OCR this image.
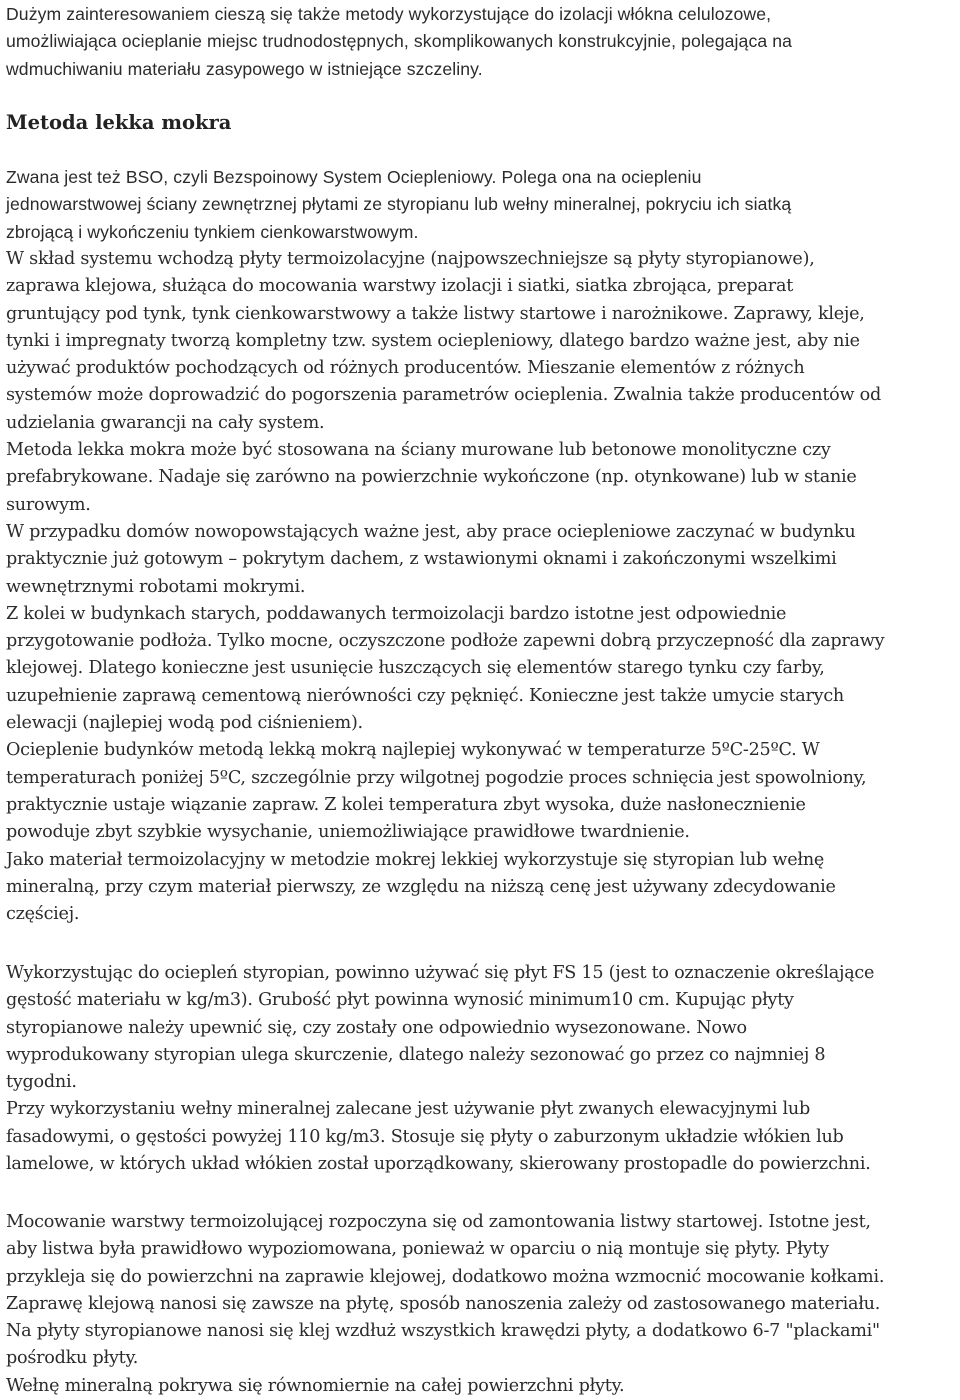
Dużym zainteresowaniem cieszą się także metody wykorzystujące do izolacji włókna celulozowe,
umożliwiająca ocieplanie miejsc trudnodostępnych, skomplikowanych konstrukcyjnie, polegająca na
wdmuchiwaniu materiału zasypowego w istniejące szczeliny.

Metoda lekka mokra

Zwana jest też BSO, czyli Bezspoinowy System Ociepleniowy. Polega ona na ociepleniu
jednowarstwowej ściany zewnętrznej płytami ze styropianu lub wełny mineralnej, pokryciu ich siatką
zbrojącą i wykończeniu tynkiem cienkowarstwowym.

W skład systemu wchodzą płyty termoizolacyjne (najpowszechniejsze są płyty styropianowe),
zaprawa klejowa, służąca do mocowania warstwy izolacji i siatki, siatka zbrojąca, preparat
gruntujący pod tynk, tynk cienkowarstwowy a także listwy startowe i narożnikowe. Zaprawy, kleje,
tynki i impregnaty tworzą kompletny tzw. system ociepleniowy, dlatego bardzo ważne jest, aby nie
używać produktów pochodzących od różnych producentów. Mieszanie elementów z różnych
systemów może doprowadzić do pogorszenia parametrów ocieplenia. Zwalnia także producentów od
udzielania gwarancji na cały system.

Metoda lekka mokra może być stosowana na ściany murowane lub betonowe monolityczne czy
prefabrykowane. Nadaje się zarówno na powierzchnie wykończone (np. otynkowane) lub w stanie
surowym.

W przypadku domów nowopowstających ważne jest, aby prace ociepleniowe zaczynać w budynku
praktycznie już gotowym – pokrytym dachem, z wstawionymi oknami i zakończonymi wszelkimi
wewnętrznymi robotami mokrymi.

Z kolei w budynkach starych, poddawanych termoizolacji bardzo istotne jest odpowiednie
przygotowanie podłoża. Tylko mocne, oczyszczone podłoże zapewni dobrą przyczepność dla zaprawy
klejowej. Dlatego konieczne jest usunięcie łuszczących się elementów starego tynku czy farby,
uzupełnienie zaprawą cementową nierówności czy pęknięć. Konieczne jest także umycie starych
elewacji (najlepiej wodą pod ciśnieniem).

Ocieplenie budynków metodą lekką mokrą najlepiej wykonywać w temperaturze 5ºC-25ºC. W
temperaturach poniżej 5ºC, szczególnie przy wilgotnej pogodzie proces schnięcia jest spowolniony,
praktycznie ustaje wiązanie zapraw. Z kolei temperatura zbyt wysoka, duże nasłonecznienie
powoduje zbyt szybkie wysychanie, uniemożliwiające prawidłowe twardnienie.

Jako materiał termoizolacyjny w metodzie mokrej lekkiej wykorzystuje się styropian lub wełnę
mineralną, przy czym materiał pierwszy, ze względu na niższą cenę jest używany zdecydowanie
częściej.

Wykorzystując do ociepleń styropian, powinno używać się płyt FS 15 (jest to oznaczenie określające
gęstość materiału w kg/m3). Grubość płyt powinna wynosić minimum10 cm. Kupując płyty
styropianowe należy upewnić się, czy zostały one odpowiednio wysezonowane. Nowo
wyprodukowany styropian ulega skurczenie, dlatego należy sezonować go przez co najmniej 8
tygodni.

Przy wykorzystaniu wełny mineralnej zalecane jest używanie płyt zwanych elewacyjnymi lub
fasadowymi, o gęstości powyżej 110 kg/m3. Stosuje się płyty o zaburzonym układzie włókien lub
lamelowe, w których układ włókien został uporządkowany, skierowany prostopadle do powierzchni.

Mocowanie warstwy termoizolującej rozpoczyna się od zamontowania listwy startowej. Istotne jest,
aby listwa była prawidłowo wypoziomowana, ponieważ w oparciu o nią montuje się płyty. Płyty
przykleja się do powierzchni na zaprawie klejowej, dodatkowo można wzmocnić mocowanie kołkami.
Zaprawę klejową nanosi się zawsze na płytę, sposób nanoszenia zależy od zastosowanego materiału.
Na płyty styropianowe nanosi się klej wzdłuż wszystkich krawędzi płyty, a dodatkowo 6-7 "plackami"
pośrodku płyty.
Wełnę mineralną pokrywa się równomiernie na całej powierzchni płyty.
